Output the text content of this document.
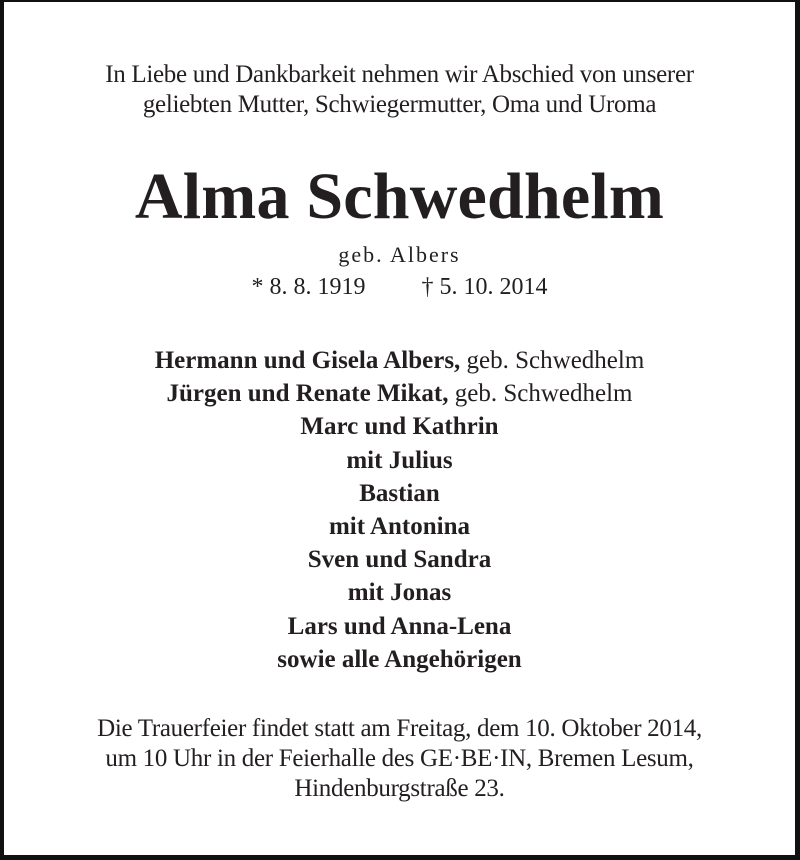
In Liebe und Dankbarkeit nehmen wir Abschied von unserer
geliebten Mutter, Schwiegermutter, Oma und Uroma
Alma Schwedhelm
geb. Albers
* 8. 8. 1919 † 5. 10. 2014
Hermann und Gisela Albers, geb. Schwedhelm
Jürgen und Renate Mikat, geb. Schwedhelm
Marc und Kathrin
mit Julius
Bastian
mit Antonina
Sven und Sandra
mit Jonas
Lars und Anna-Lena
sowie alle Angehörigen
Die Trauerfeier findet statt am Freitag, dem 10. Oktober 2014,
um 10 Uhr in der Feierhalle des GE·BE·IN, Bremen Lesum,
Hindenburgstraße 23.
